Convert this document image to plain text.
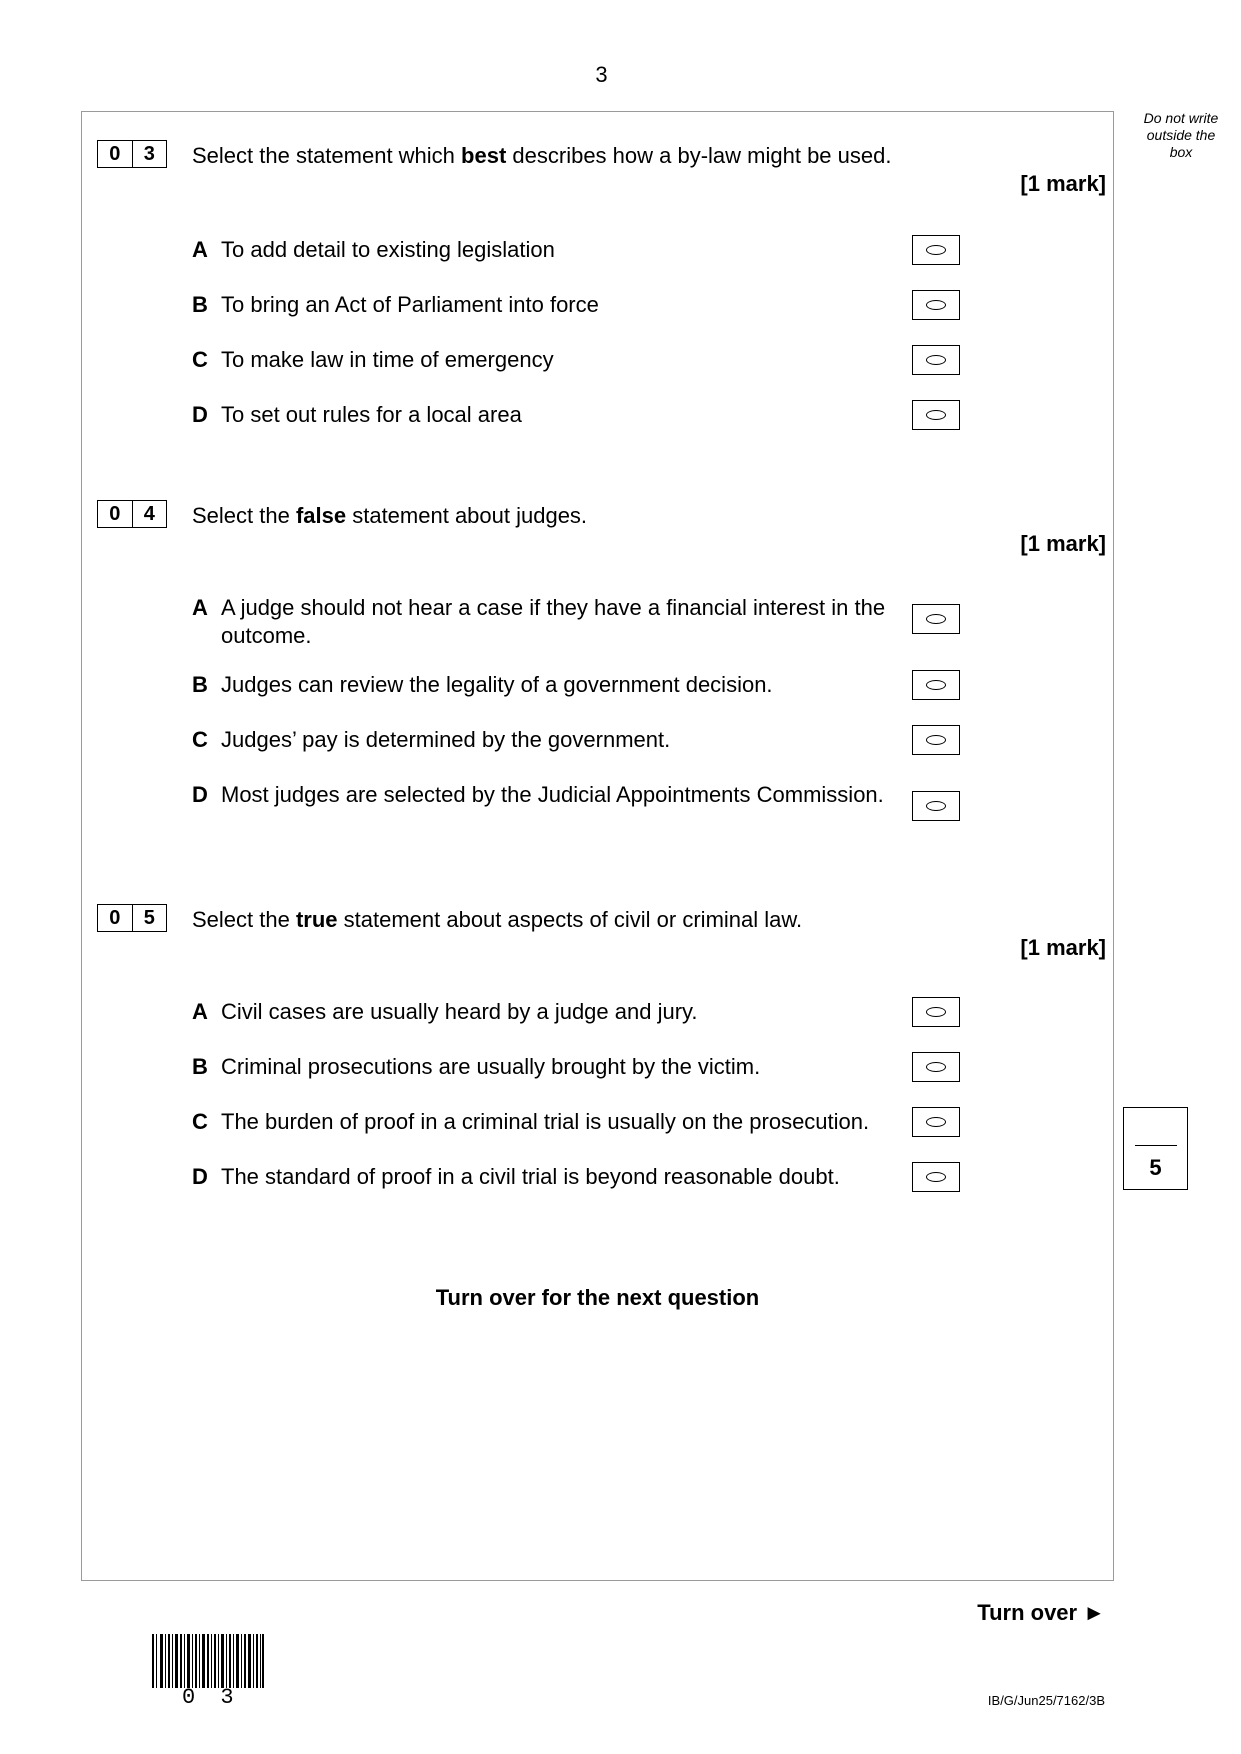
3
Do not write
outside the
box
0	3	Select the statement which best describes how a by-law might be used.
[1 mark]
A To add detail to existing legislation
B To bring an Act of Parliament into force
C To make law in time of emergency
D To set out rules for a local area
0	4	Select the false statement about judges.
[1 mark]
A A judge should not hear a case if they have a financial interest in the outcome.
B Judges can review the legality of a government decision.
C Judges’ pay is determined by the government.
D Most judges are selected by the Judicial Appointments Commission.
0	5	Select the true statement about aspects of civil or criminal law.
[1 mark]
A Civil cases are usually heard by a judge and jury.
B Criminal prosecutions are usually brought by the victim.
C The burden of proof in a criminal trial is usually on the prosecution.
D The standard of proof in a civil trial is beyond reasonable doubt.	5
Turn over for the next question
Turn over ►
0 3	IB/G/Jun25/7162/3B
